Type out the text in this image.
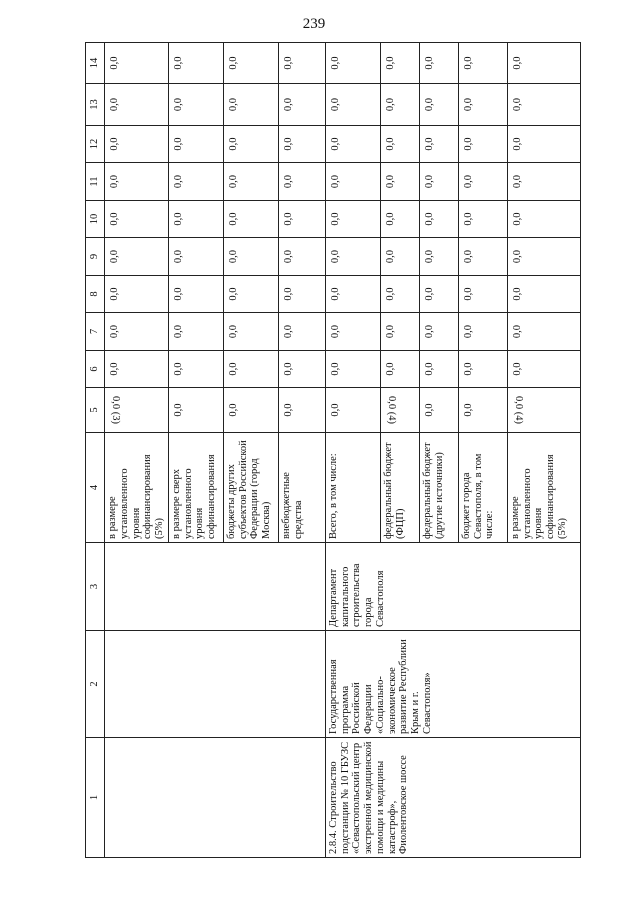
239
1	2	3	4	5	6	7	8	9	10	11	12	13	14
			в размере установленного уровня софинансирования (5%)	0,0 (3)	0,0	0,0	0,0	0,0	0,0	0,0	0,0	0,0	0,0
			в размере сверх установленного уровня софинансирования	0,0	0,0	0,0	0,0	0,0	0,0	0,0	0,0	0,0	0,0
			бюджеты других субъектов Российской Федерации (город Москва)	0,0	0,0	0,0	0,0	0,0	0,0	0,0	0,0	0,0	0,0
			внебюджетные средства	0,0	0,0	0,0	0,0	0,0	0,0	0,0	0,0	0,0	0,0
2.8.4. Строительство подстанции № 10 ГБУЗС «Севастопольский центр экстренной медицинской помощи и медицины катастроф», Фиолентовское шоссе	Государственная программа Российской Федерации «Социально-экономическое развитие Республики Крым и г. Севастополя»	Департамент капитального строительства города Севастополя	Всего, в том числе:	0,0	0,0	0,0	0,0	0,0	0,0	0,0	0,0	0,0	0,0
			федеральный бюджет (ФЦП)	0,0 (4)	0,0	0,0	0,0	0,0	0,0	0,0	0,0	0,0	0,0
			федеральный бюджет (другие источники)	0,0	0,0	0,0	0,0	0,0	0,0	0,0	0,0	0,0	0,0
			бюджет города Севастополя, в том числе:	0,0	0,0	0,0	0,0	0,0	0,0	0,0	0,0	0,0	0,0
			в размере установленного уровня софинансирования (5%)	0,0 (4)	0,0	0,0	0,0	0,0	0,0	0,0	0,0	0,0	0,0
